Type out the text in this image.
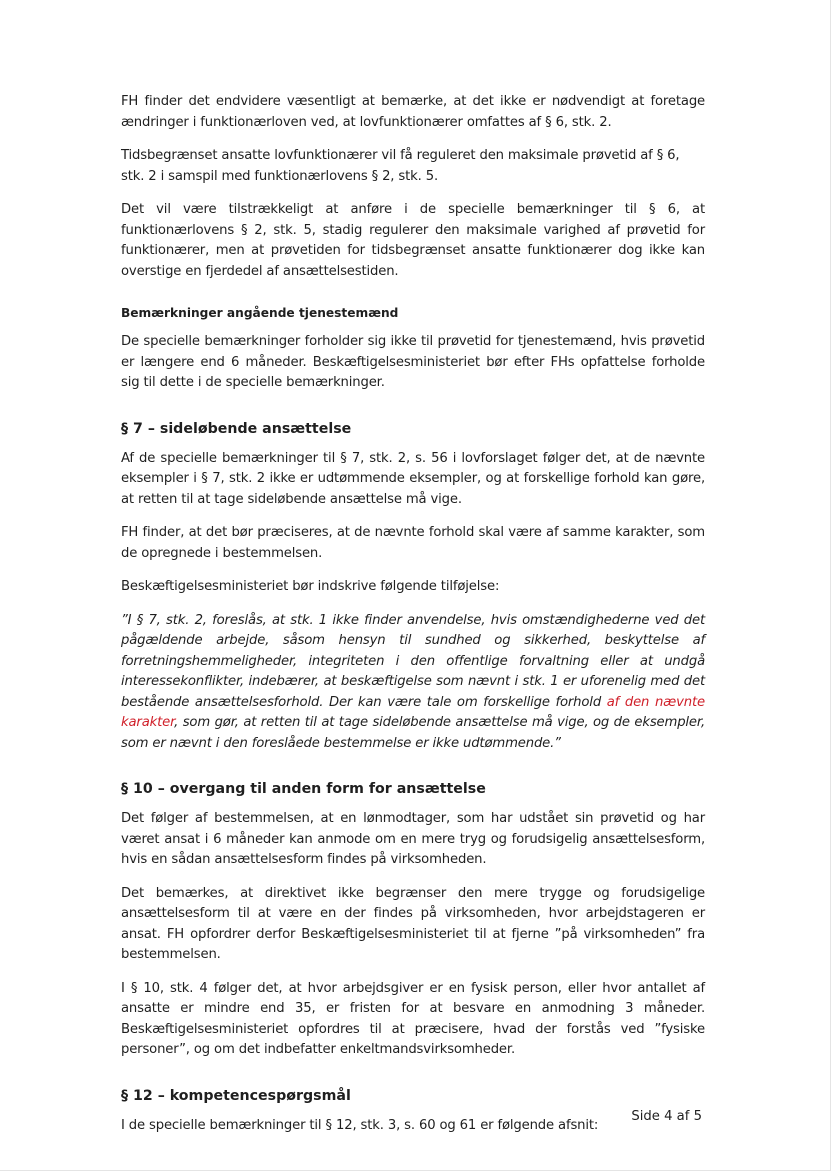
FH finder det endvidere væsentligt at bemærke, at det ikke er nødvendigt at foretage ændringer i funktionærloven ved, at lovfunktionærer omfattes af § 6, stk. 2.

Tidsbegrænset ansatte lovfunktionærer vil få reguleret den maksimale prøvetid af § 6, stk. 2 i samspil med funktionærlovens § 2, stk. 5.

Det vil være tilstrækkeligt at anføre i de specielle bemærkninger til § 6, at funktionærlovens § 2, stk. 5, stadig regulerer den maksimale varighed af prøvetid for funktionærer, men at prøvetiden for tidsbegrænset ansatte funktionærer dog ikke kan overstige en fjerdedel af ansættelsestiden.

Bemærkninger angående tjenestemænd

De specielle bemærkninger forholder sig ikke til prøvetid for tjenestemænd, hvis prøvetid er længere end 6 måneder. Beskæftigelsesministeriet bør efter FHs opfattelse forholde sig til dette i de specielle bemærkninger.

§ 7 – sideløbende ansættelse

Af de specielle bemærkninger til § 7, stk. 2, s. 56 i lovforslaget følger det, at de nævnte eksempler i § 7, stk. 2 ikke er udtømmende eksempler, og at forskellige forhold kan gøre, at retten til at tage sideløbende ansættelse må vige.

FH finder, at det bør præciseres, at de nævnte forhold skal være af samme karakter, som de opregnede i bestemmelsen.

Beskæftigelsesministeriet bør indskrive følgende tilføjelse:

”I § 7, stk. 2, foreslås, at stk. 1 ikke finder anvendelse, hvis omstændighederne ved det pågældende arbejde, såsom hensyn til sundhed og sikkerhed, beskyttelse af forretningshemmeligheder, integriteten i den offentlige forvaltning eller at undgå interessekonflikter, indebærer, at beskæftigelse som nævnt i stk. 1 er uforenelig med det bestående ansættelsesforhold. Der kan være tale om forskellige forhold af den nævnte karakter, som gør, at retten til at tage sideløbende ansættelse må vige, og de eksempler, som er nævnt i den foreslåede bestemmelse er ikke udtømmende.”

§ 10 – overgang til anden form for ansættelse

Det følger af bestemmelsen, at en lønmodtager, som har udstået sin prøvetid og har været ansat i 6 måneder kan anmode om en mere tryg og forudsigelig ansættelsesform, hvis en sådan ansættelsesform findes på virksomheden.

Det bemærkes, at direktivet ikke begrænser den mere trygge og forudsigelige ansættelsesform til at være en der findes på virksomheden, hvor arbejdstageren er ansat. FH opfordrer derfor Beskæftigelsesministeriet til at fjerne ”på virksomheden” fra bestemmelsen.

I § 10, stk. 4 følger det, at hvor arbejdsgiver er en fysisk person, eller hvor antallet af ansatte er mindre end 35, er fristen for at besvare en anmodning 3 måneder. Beskæftigelsesministeriet opfordres til at præcisere, hvad der forstås ved ”fysiske personer”, og om det indbefatter enkeltmandsvirksomheder.

§ 12 – kompetencespørgsmål

I de specielle bemærkninger til § 12, stk. 3, s. 60 og 61 er følgende afsnit:

Side 4 af 5
